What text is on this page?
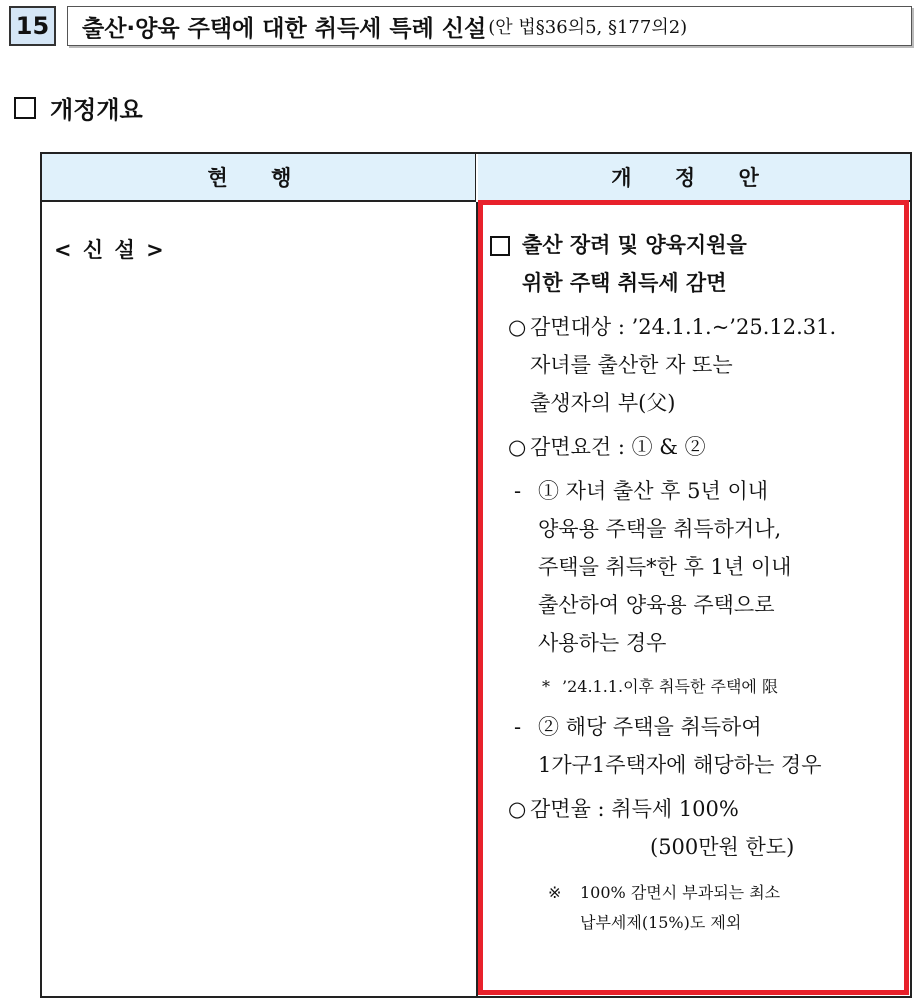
15 출산·양육 주택에 대한 취득세 특례 신설 (안 법§36의5, §177의2)
개정개요
현 행	개 정 안
< 신 설 >	출산 장려 및 양육지원을
위한 주택 취득세 감면
○ 감면대상 : ’24.1.1.~’25.12.31.
자녀를 출산한 자 또는
출생자의 부(父)
○ 감면요건 : ① & ②
- ① 자녀 출산 후 5년 이내
양육용 주택을 취득하거나,
주택을 취득*한 후 1년 이내
출산하여 양육용 주택으로
사용하는 경우
* ’24.1.1.이후 취득한 주택에 限
- ② 해당 주택을 취득하여
1가구1주택자에 해당하는 경우
○ 감면율 : 취득세 100%
(500만원 한도)
※	100% 감면시 부과되는 최소
납부세제(15%)도 제외
